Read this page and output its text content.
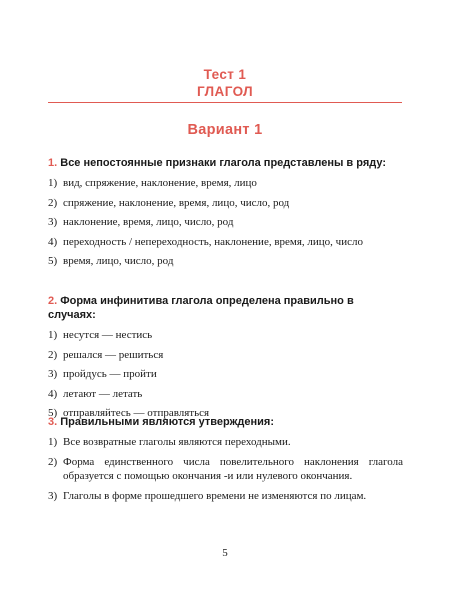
Тест 1
ГЛАГОЛ
Вариант 1
1. Все непостоянные признаки глагола представлены в ряду:
1) вид, спряжение, наклонение, время, лицо
2) спряжение, наклонение, время, лицо, число, род
3) наклонение, время, лицо, число, род
4) переходность / непереходность, наклонение, время, лицо, число
5) время, лицо, число, род
2. Форма инфинитива глагола определена правильно в случаях:
1) несутся — нестись
2) решался — решиться
3) пройдусь — пройти
4) летают — летать
5) отправляйтесь — отправляться
3. Правильными являются утверждения:
1) Все возвратные глаголы являются переходными.
2) Форма единственного числа повелительного наклонения глагола образуется с помощью окончания -и или нулевого окончания.
3) Глаголы в форме прошедшего времени не изменяются по лицам.
5
